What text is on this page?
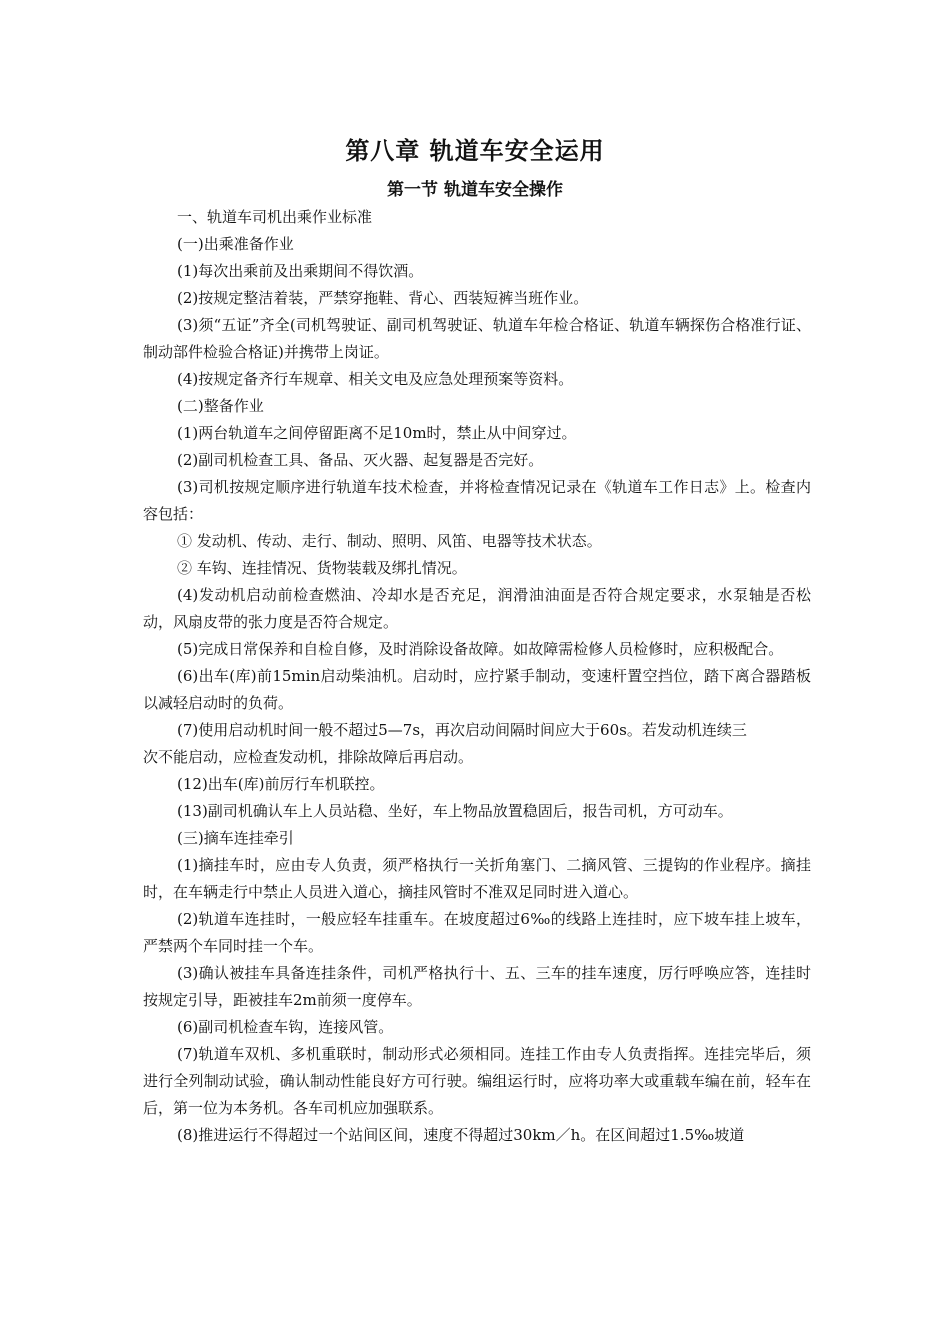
第八章 轨道车安全运用
第一节 轨道车安全操作

一、轨道车司机出乘作业标准

(一)出乘准备作业

(1)每次出乘前及出乘期间不得饮酒。

(2)按规定整洁着装，严禁穿拖鞋、背心、西装短裤当班作业。

(3)须“五证”齐全(司机驾驶证、副司机驾驶证、轨道车年检合格证、轨道车辆探伤合格准行证、制动部件检验合格证)并携带上岗证。

(4)按规定备齐行车规章、相关文电及应急处理预案等资料。

(二)整备作业

(1)两台轨道车之间停留距离不足10m时，禁止从中间穿过。

(2)副司机检查工具、备品、灭火器、起复器是否完好。

(3)司机按规定顺序进行轨道车技术检查，并将检查情况记录在《轨道车工作日志》上。检查内容包括：

① 发动机、传动、走行、制动、照明、风笛、电器等技术状态。

② 车钩、连挂情况、货物装载及绑扎情况。

(4)发动机启动前检查燃油、冷却水是否充足，润滑油油面是否符合规定要求，水泵轴是否松动，风扇皮带的张力度是否符合规定。

(5)完成日常保养和自检自修，及时消除设备故障。如故障需检修人员检修时，应积极配合。

(6)出车(库)前15min启动柴油机。启动时，应拧紧手制动，变速杆置空挡位，踏下离合器踏板以减轻启动时的负荷。

(7)使用启动机时间一般不超过5—7s，再次启动间隔时间应大于60s。若发动机连续三

次不能启动，应检查发动机，排除故障后再启动。

(12)出车(库)前厉行车机联控。

(13)副司机确认车上人员站稳、坐好，车上物品放置稳固后，报告司机，方可动车。

(三)摘车连挂牵引

(1)摘挂车时，应由专人负责，须严格执行一关折角塞门、二摘风管、三提钩的作业程序。摘挂时，在车辆走行中禁止人员进入道心，摘挂风管时不准双足同时进入道心。

(2)轨道车连挂时，一般应轻车挂重车。在坡度超过6‰的线路上连挂时，应下坡车挂上坡车，严禁两个车同时挂一个车。

(3)确认被挂车具备连挂条件，司机严格执行十、五、三车的挂车速度，厉行呼唤应答，连挂时按规定引导，距被挂车2m前须一度停车。

(6)副司机检查车钩，连接风管。

(7)轨道车双机、多机重联时，制动形式必须相同。连挂工作由专人负责指挥。连挂完毕后，须进行全列制动试验，确认制动性能良好方可行驶。编组运行时，应将功率大或重载车编在前，轻车在后，第一位为本务机。各车司机应加强联系。

(8)推进运行不得超过一个站间区间，速度不得超过30km／h。在区间超过1.5‰坡道
